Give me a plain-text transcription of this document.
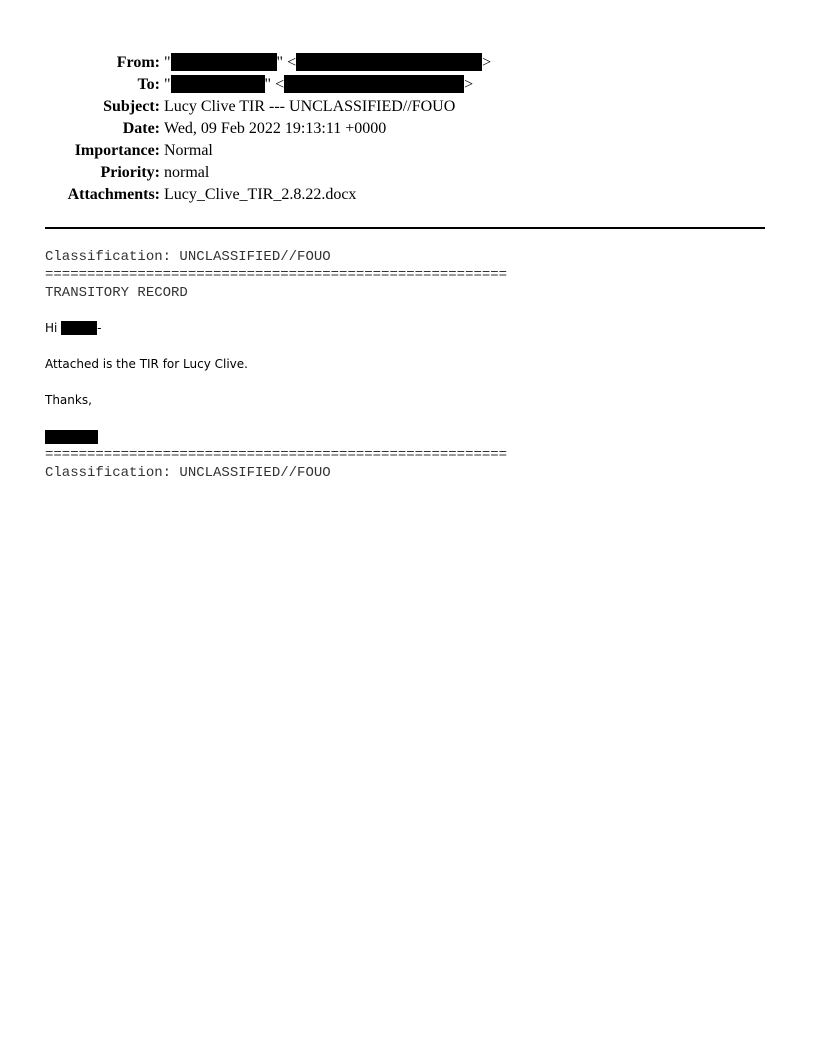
From: "	" <	>
To: "	" <	>
Subject: Lucy Clive TIR --- UNCLASSIFIED//FOUO
Date: Wed, 09 Feb 2022 19:13:11 +0000
Importance: Normal
Priority: normal
Attachments: Lucy_Clive_TIR_2.8.22.docx
Classification: UNCLASSIFIED//FOUO
=======================================================
TRANSITORY RECORD
Hi	-
Attached is the TIR for Lucy Clive.
Thanks,
=======================================================
Classification: UNCLASSIFIED//FOUO
